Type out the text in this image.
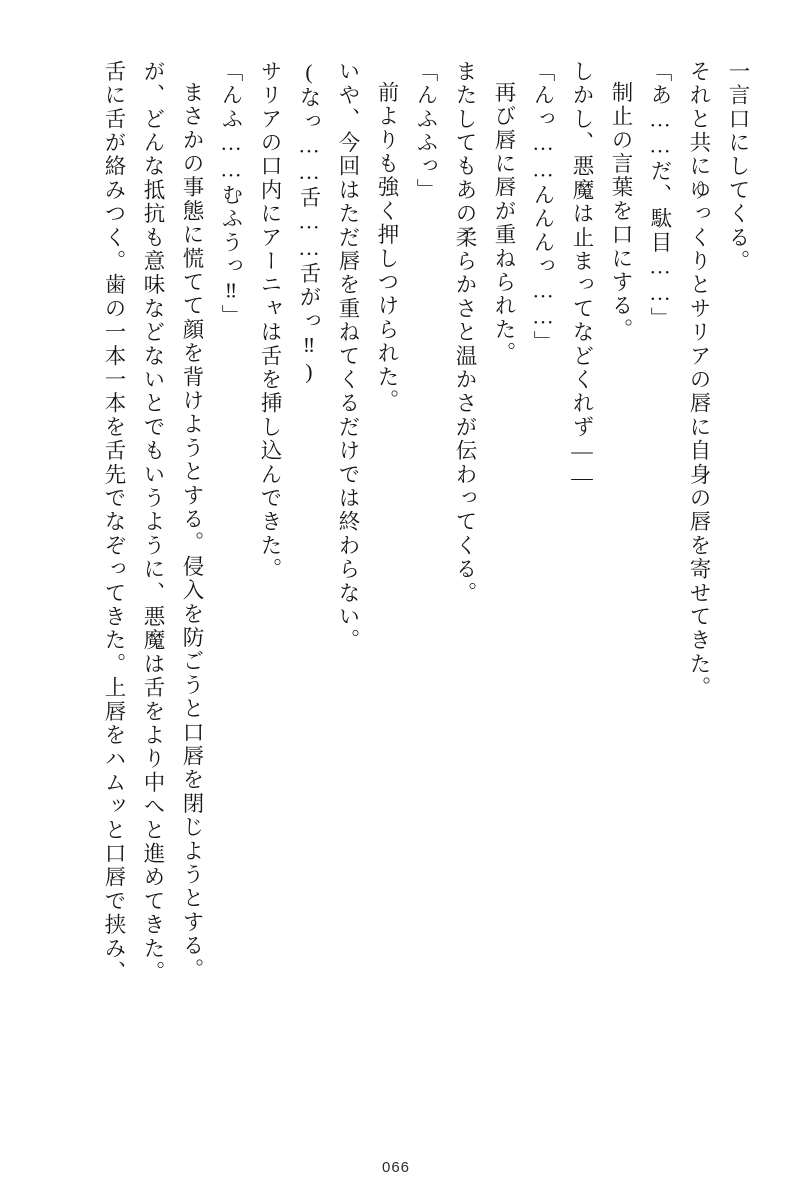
一言口にしてくる。
それと共にゆっくりとサリアの唇に自身の唇を寄せてきた。
「あ……だ、駄目……」
制止の言葉を口にする。
しかし、悪魔は止まってなどくれず――
「んっ……んんんっ……」
再び唇に唇が重ねられた。
またしてもあの柔らかさと温かさが伝わってくる。
「んふふっ」
前よりも強く押しつけられた。
いや、今回はただ唇を重ねてくるだけでは終わらない。
(なっ……舌……舌がっ‼)
サリアの口内にアーニャは舌を挿し込んできた。
「んふ……むふうっ‼」
まさかの事態に慌てて顔を背けようとする。侵入を防ごうと口唇を閉じようとする。
が、どんな抵抗も意味などないとでもいうように、悪魔は舌をより中へと進めてきた。
舌に舌が絡みつく。歯の一本一本を舌先でなぞってきた。上唇をハムッと口唇で挟み、
066
